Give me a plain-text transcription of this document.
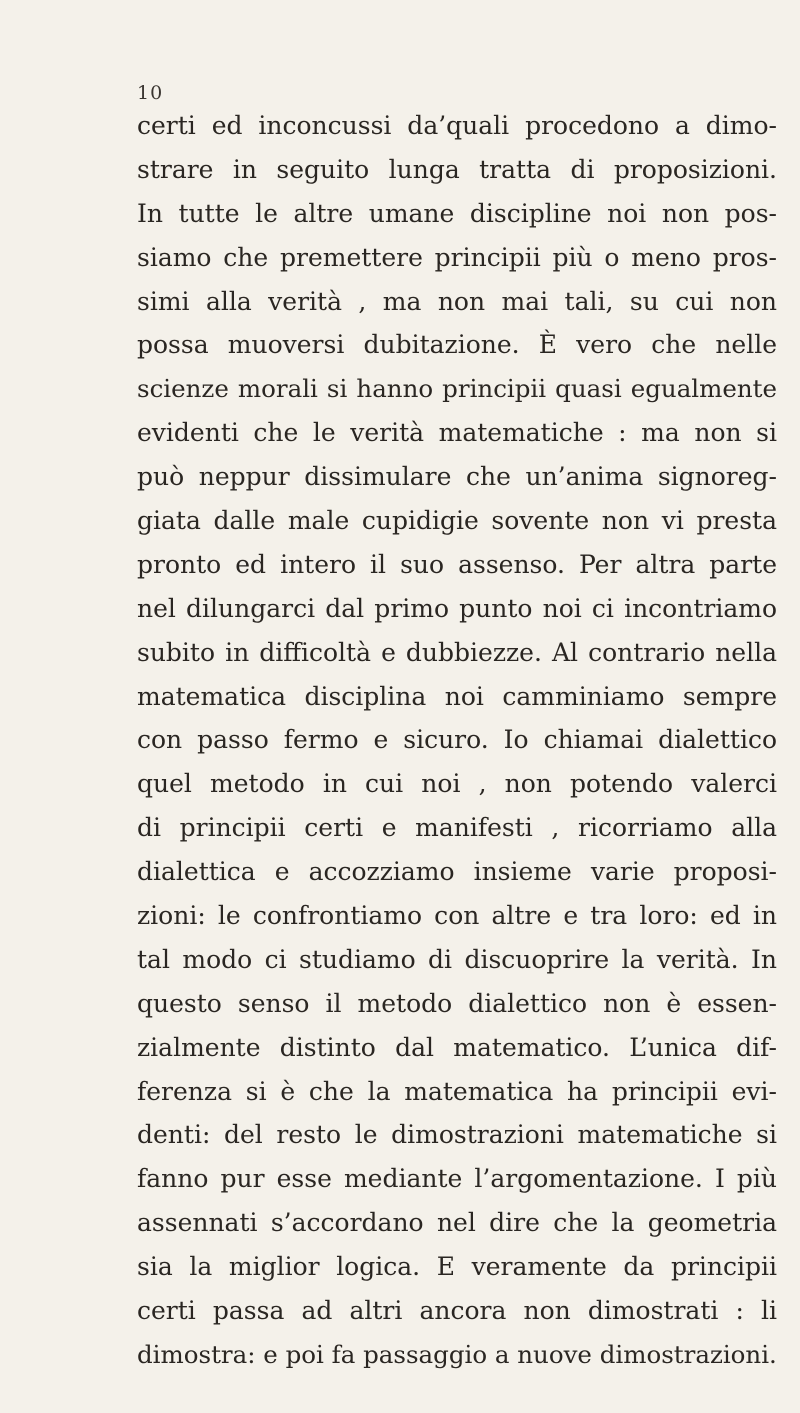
10
certi ed inconcussi da’quali procedono a dimo-
strare in seguito lunga tratta di proposizioni.
In tutte le altre umane discipline noi non pos-
siamo che premettere principii più o meno pros-
simi alla verità , ma non mai tali, su cui non
possa muoversi dubitazione. È vero che nelle
scienze morali si hanno principii quasi egualmente
evidenti che le verità matematiche : ma non si
può neppur dissimulare che un’anima signoreg-
giata dalle male cupidigie sovente non vi presta
pronto ed intero il suo assenso. Per altra parte
nel dilungarci dal primo punto noi ci incontriamo
subito in difficoltà e dubbiezze. Al contrario nella
matematica disciplina noi camminiamo sempre
con passo fermo e sicuro. Io chiamai dialettico
quel metodo in cui noi , non potendo valerci
di principii certi e manifesti , ricorriamo alla
dialettica e accozziamo insieme varie proposi-
zioni: le confrontiamo con altre e tra loro: ed in
tal modo ci studiamo di discuoprire la verità. In
questo senso il metodo dialettico non è essen-
zialmente distinto dal matematico. L’unica dif-
ferenza si è che la matematica ha principii evi-
denti: del resto le dimostrazioni matematiche si
fanno pur esse mediante l’argomentazione. I più
assennati s’accordano nel dire che la geometria
sia la miglior logica. E veramente da principii
certi passa ad altri ancora non dimostrati : li
dimostra: e poi fa passaggio a nuove dimostrazioni.
